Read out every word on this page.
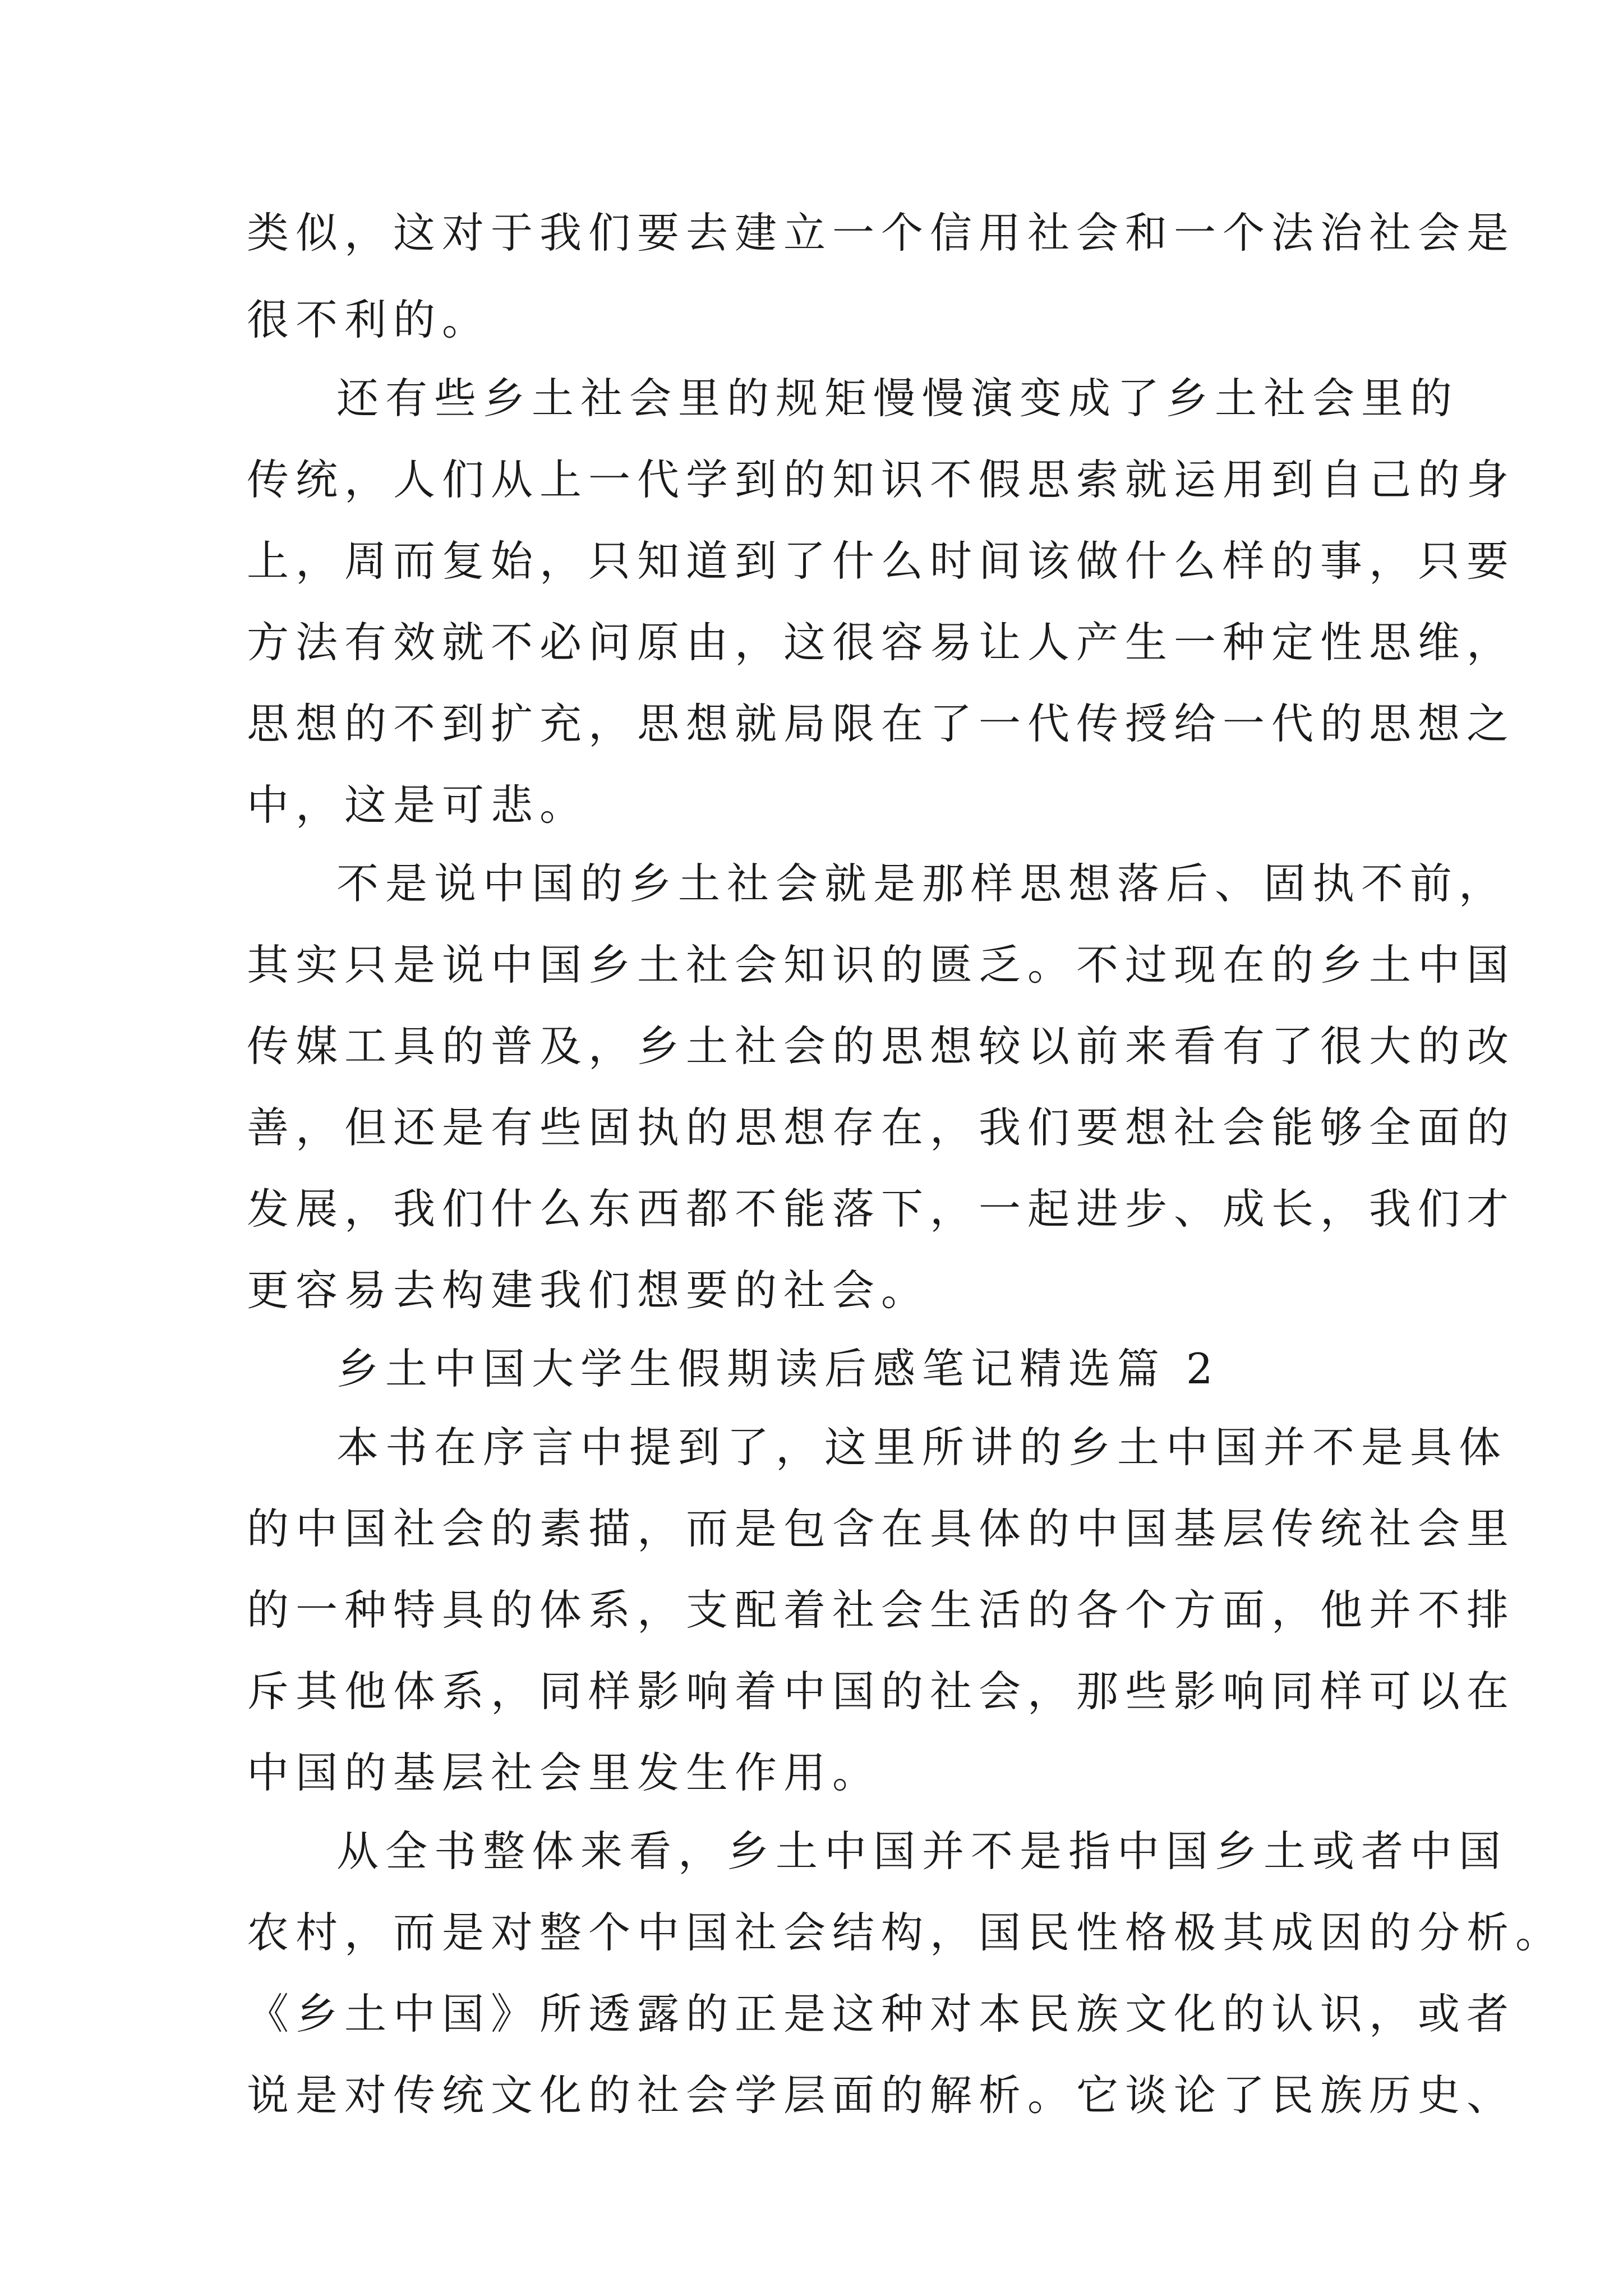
类似，这对于我们要去建立一个信用社会和一个法治社会是

很不利的。

还有些乡土社会里的规矩慢慢演变成了乡土社会里的

传统，人们从上一代学到的知识不假思索就运用到自己的身

上，周而复始，只知道到了什么时间该做什么样的事，只要

方法有效就不必问原由，这很容易让人产生一种定性思维，

思想的不到扩充，思想就局限在了一代传授给一代的思想之

中，这是可悲。

不是说中国的乡土社会就是那样思想落后、固执不前，

其实只是说中国乡土社会知识的匮乏。不过现在的乡土中国

传媒工具的普及，乡土社会的思想较以前来看有了很大的改

善，但还是有些固执的思想存在，我们要想社会能够全面的

发展，我们什么东西都不能落下，一起进步、成长，我们才

更容易去构建我们想要的社会。

乡土中国大学生假期读后感笔记精选篇 2

本书在序言中提到了，这里所讲的乡土中国并不是具体

的中国社会的素描，而是包含在具体的中国基层传统社会里

的一种特具的体系，支配着社会生活的各个方面，他并不排

斥其他体系，同样影响着中国的社会，那些影响同样可以在

中国的基层社会里发生作用。

从全书整体来看，乡土中国并不是指中国乡土或者中国

农村，而是对整个中国社会结构，国民性格极其成因的分析。

《乡土中国》所透露的正是这种对本民族文化的认识，或者

说是对传统文化的社会学层面的解析。它谈论了民族历史、
